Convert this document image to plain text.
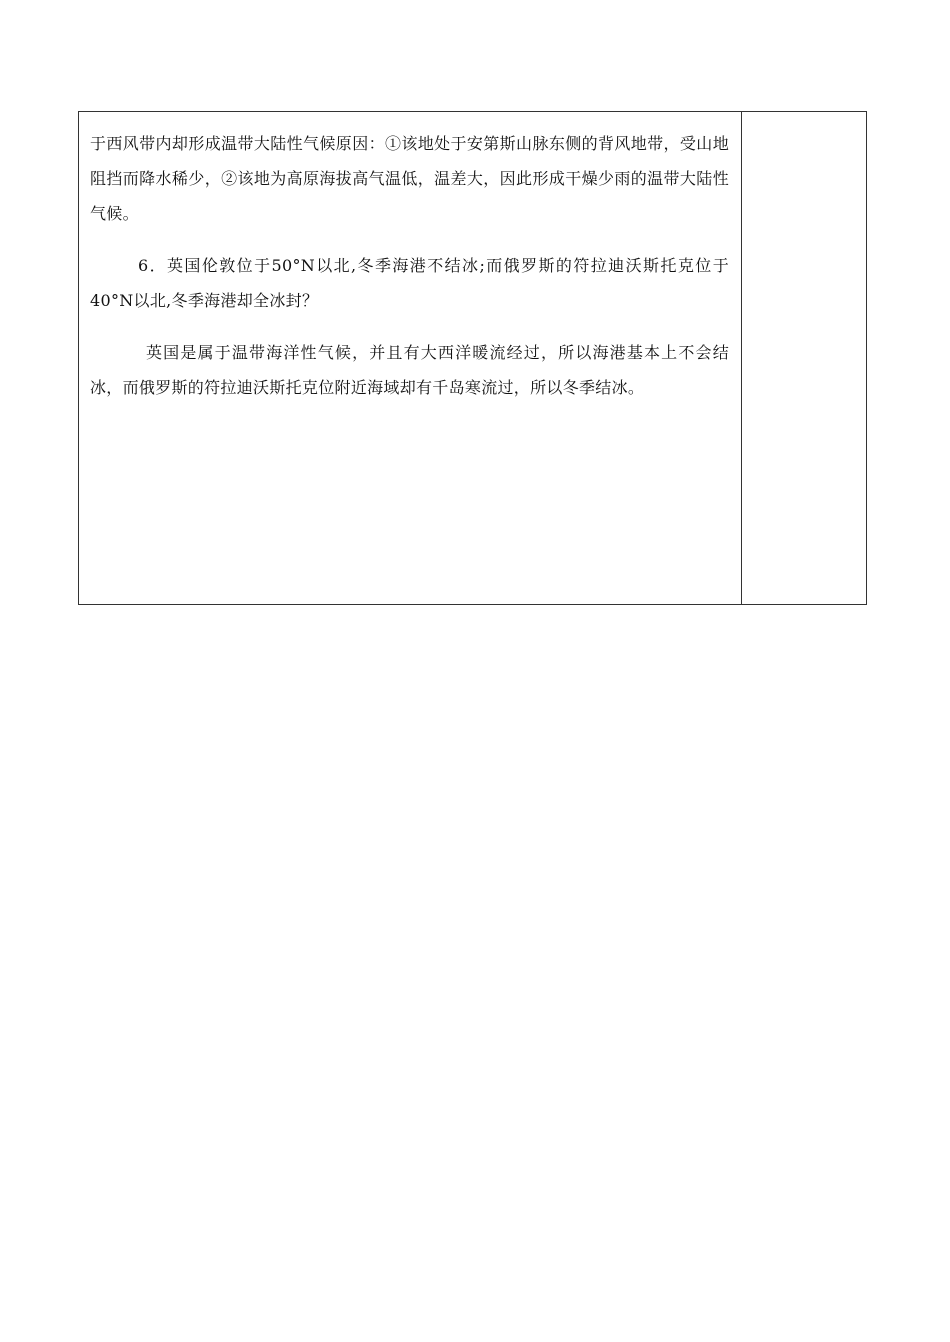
于西风带内却形成温带大陆性气候原因：①该地处于安第斯山脉东侧的背风地带，受山地阻挡而降水稀少，②该地为高原海拔高气温低，温差大，因此形成干燥少雨的温带大陆性气候。

6．英国伦敦位于50°N以北,冬季海港不结冰;而俄罗斯的符拉迪沃斯托克位于40°N以北,冬季海港却全冰封？

英国是属于温带海洋性气候，并且有大西洋暖流经过，所以海港基本上不会结冰，而俄罗斯的符拉迪沃斯托克位附近海域却有千岛寒流过，所以冬季结冰。
